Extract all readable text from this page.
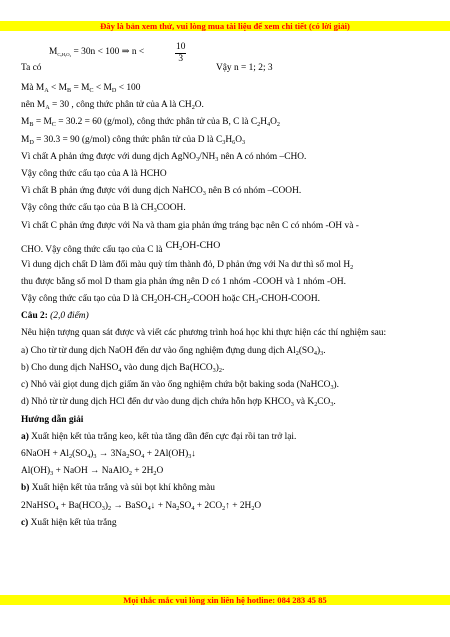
Đây là bản xem thử, vui lòng mua tài liệu để xem chi tiết (có lời giải)
$M_{C_xHᵧO_2} = 30n < 100$ ⇒ n <	$\frac{10}{3}$
Ta có	Vậy n = 1; 2; 3
Mà $M_A < M_B = M_C < M_D < 100$
nên $M_A = 30$ , công thức phân tử của A là $CH_2O$.
$M_B = M_C = 30.2 = 60$ (g/mol), công thức phân tử của B, C là $C_2H_4O_2$
$M_D = 30.3 = 90$ (g/mol) công thức phân tử của D là $C_3H_6O_3$
Vì chất A phản ứng được với dung dịch $AgNO_3/NH_3$ nên A có nhóm –CHO.
Vậy công thức cấu tạo của A là HCHO
Vì chất B phản ứng được với dung dịch NaHCO$_3$ nên B có nhóm –COOH.
Vậy công thức cấu tạo của B là $CH_3COOH$.
Vì chất C phản ứng được với Na và tham gia phản ứng tráng bạc nên C có nhóm -OH và -
CHO. Vậy công thức cấu tạo của C là $CH_2OH$-CHO
Vì dung dịch chất D làm đổi màu quỳ tím thành đỏ, D phản ứng với Na dư thì số mol $H_2$
thu được bằng số mol D tham gia phản ứng nên D có 1 nhóm -COOH và 1 nhóm -OH.
Vậy công thức cấu tạo của D là $CH_2OH-CH_2$-COOH hoặc $CH_3-CHOH$-COOH.
Câu 2: (2,0 điểm)
Nêu hiện tượng quan sát được và viết các phương trình hoá học khi thực hiện các thí nghiệm sau:
a) Cho từ từ dung dịch NaOH đến dư vào ống nghiệm đựng dung dịch $Al_2(SO_4)_3$.
b) Cho dung dịch NaHSO$_4$ vào dung dịch $Ba(HCO_3)_2$.
c) Nhỏ vài giọt dung dịch giấm ăn vào ống nghiệm chứa bột baking soda (NaHCO$_3$).
d) Nhỏ từ từ dung dịch HCl đến dư vào dung dịch chứa hỗn hợp $KHCO_3$ và $K_2CO_3$.
Hướng dẫn giải
a) Xuất hiện kết tủa trắng keo, kết tủa tăng dần đến cực đại rồi tan trở lại.
6NaOH + $Al_2(SO_4)_3 \to 3Na_2SO_4$ + $2Al(OH)_3↓$
$Al(OH)_3$ + NaOH → NaAlO$_2$ + $2H_2O$
b) Xuất hiện kết tủa trắng và sủi bọt khí không màu
2NaHSO$_4$ + $Ba(HCO_3)_2$ → BaSO$_4$↓ + $Na_2SO_4$ + $2CO_2↑ + 2H_2O$
c) Xuất hiện kết tủa trắng
Mọi thắc mắc vui lòng xin liên hệ hotline: 084 283 45 85
